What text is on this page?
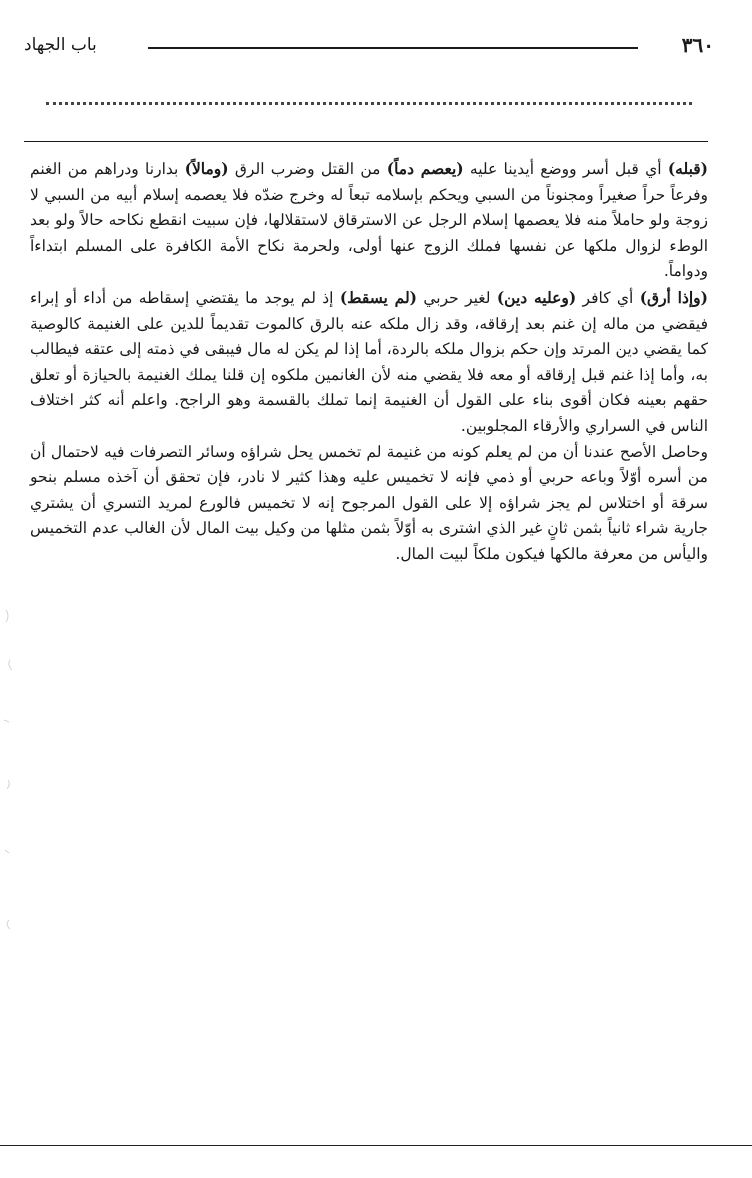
٣٦٠
باب الجهاد

(قبله) أي قبل أسر ووضع أيدينا عليه (يعصم دماً) من القتل وضرب الرق (ومالاً) بدارنا ودراهم من الغنم وفرعاً حراً صغيراً ومجنوناً من السبي ويحكم بإسلامه تبعاً له وخرج ضدّه فلا يعصمه إسلام أبيه من السبي لا زوجة ولو حاملاً منه فلا يعصمها إسلام الرجل عن الاسترقاق لاستقلالها، فإن سبيت انقطع نكاحه حالاً ولو بعد الوطء لزوال ملكها عن نفسها فملك الزوج عنها أولى، ولحرمة نكاح الأمة الكافرة على المسلم ابتداءاً ودواماً.

(وإذا أرق) أي كافر (وعليه دين) لغير حربي (لم يسقط) إذ لم يوجد ما يقتضي إسقاطه من أداء أو إبراء فيقضي من ماله إن غنم بعد إرقاقه، وقد زال ملكه عنه بالرق كالموت تقديماً للدين على الغنيمة كالوصية كما يقضي دين المرتد وإن حكم بزوال ملكه بالردة، أما إذا لم يكن له مال فيبقى في ذمته إلى عتقه فيطالب به، وأما إذا غنم قبل إرقاقه أو معه فلا يقضي منه لأن الغانمين ملكوه إن قلنا يملك الغنيمة بالحيازة أو تعلق حقهم بعينه فكان أقوى بناء على القول أن الغنيمة إنما تملك بالقسمة وهو الراجح. واعلم أنه كثر اختلاف الناس في السراري والأرقاء المجلوبين.

وحاصل الأصح عندنا أن من لم يعلم كونه من غنيمة لم تخمس يحل شراؤه وسائر التصرفات فيه لاحتمال أن من أسره أوّلاً وباعه حربي أو ذمي فإنه لا تخميس عليه وهذا كثير لا نادر، فإن تحقق أن آخذه مسلم بنحو سرقة أو اختلاس لم يجز شراؤه إلا على القول المرجوح إنه لا تخميس فالورع لمريد التسري أن يشتري جارية شراء ثانياً بثمن ثانٍ غير الذي اشترى به أوّلاً بثمن مثلها من وكيل بيت المال لأن الغالب عدم التخميس واليأس من معرفة مالكها فيكون ملكاً لبيت المال.
